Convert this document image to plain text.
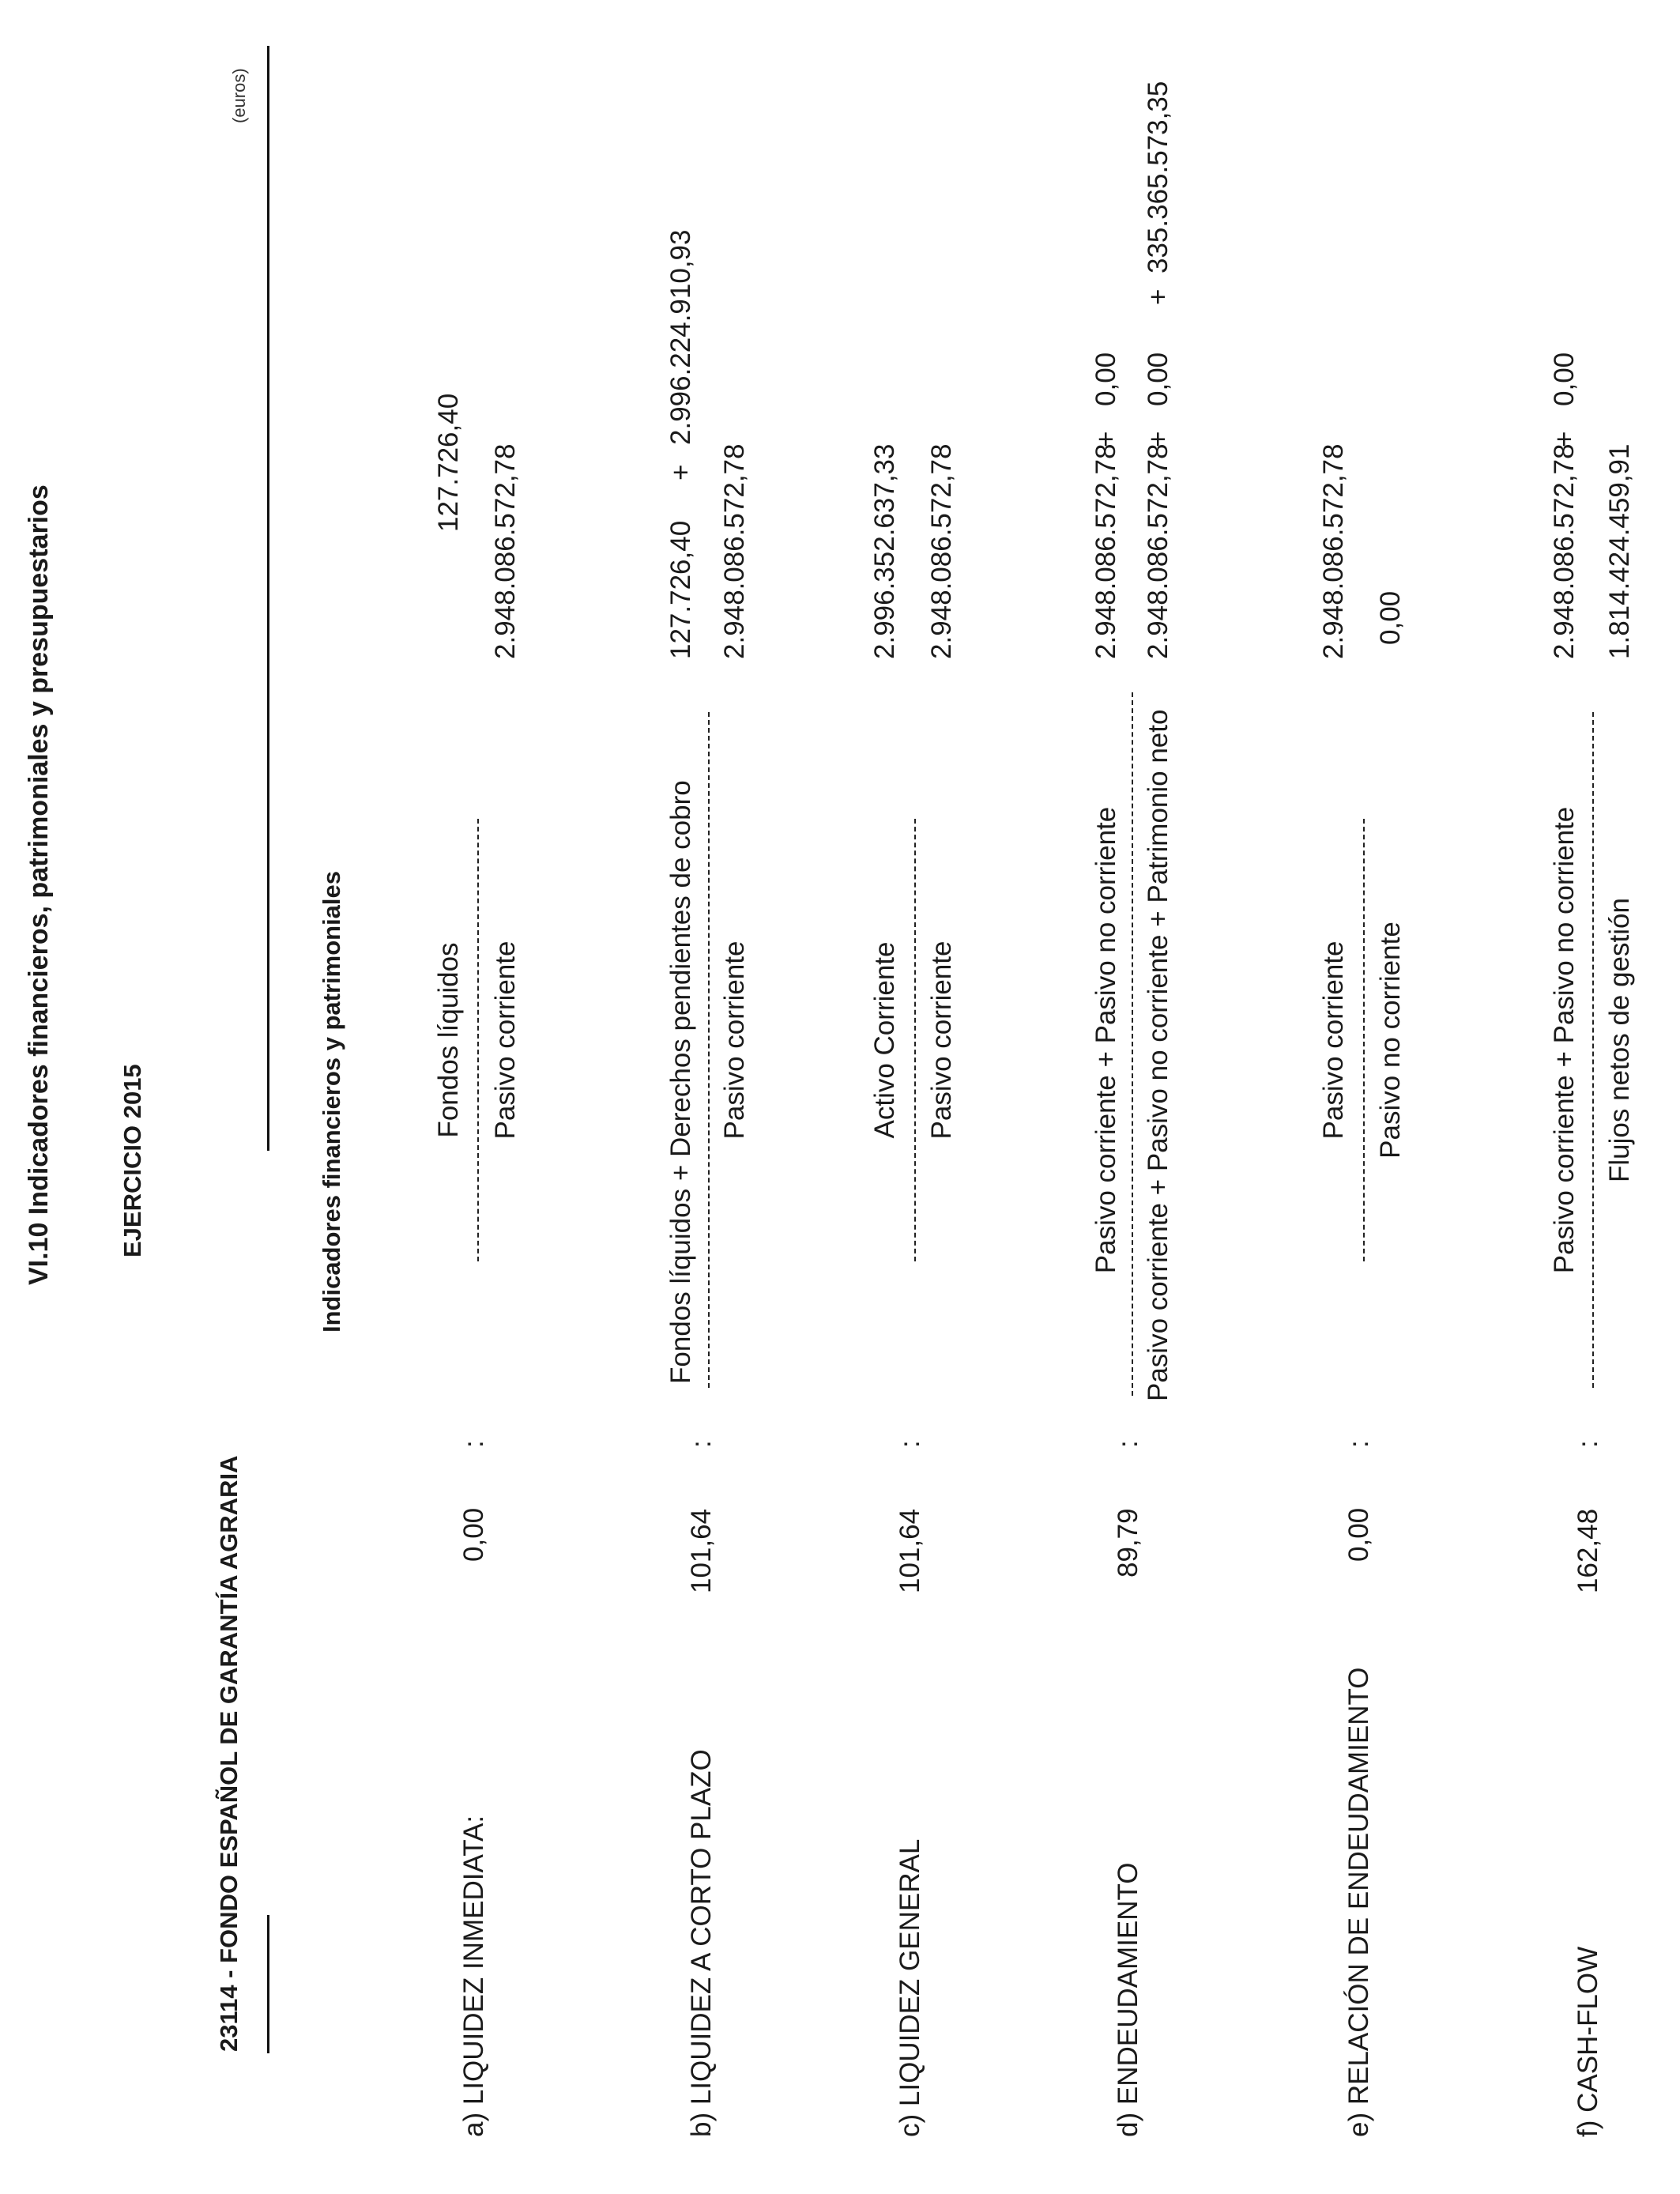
VI.10 Indicadores financieros, patrimoniales y presupuestarios
23114 - FONDO ESPAÑOL DE GARANTÍA AGRARIA
EJERCICIO 2015
(euros)
Indicadores financieros y patrimoniales
a) LIQUIDEZ INMEDIATA:
0,00
:
Fondos líquidos Pasivo corriente
127.726,40 2.948.086.572,78
b) LIQUIDEZ A CORTO PLAZO
101,64
:
Fondos líquidos + Derechos pendientes de cobro Pasivo corriente
127.726,40
+
2.996.224.910,93
2.948.086.572,78
c) LIQUIDEZ GENERAL
101,64
:
Activo Corriente Pasivo corriente
2.996.352.637,33 2.948.086.572,78
d) ENDEUDAMIENTO
89,79
:
Pasivo corriente + Pasivo no corriente Pasivo corriente + Pasivo no corriente + Patrimonio neto
2.948.086.572,78
+
0,00
2.948.086.572,78
+
0,00
+
335.365.573,35
e) RELACIÓN DE ENDEUDAMIENTO
0,00
:
Pasivo corriente Pasivo no corriente
2.948.086.572,78 0,00
f) CASH-FLOW
162,48
:
Pasivo corriente + Pasivo no corriente Flujos netos de gestión
2.948.086.572,78
+
0,00
1.814.424.459,91
